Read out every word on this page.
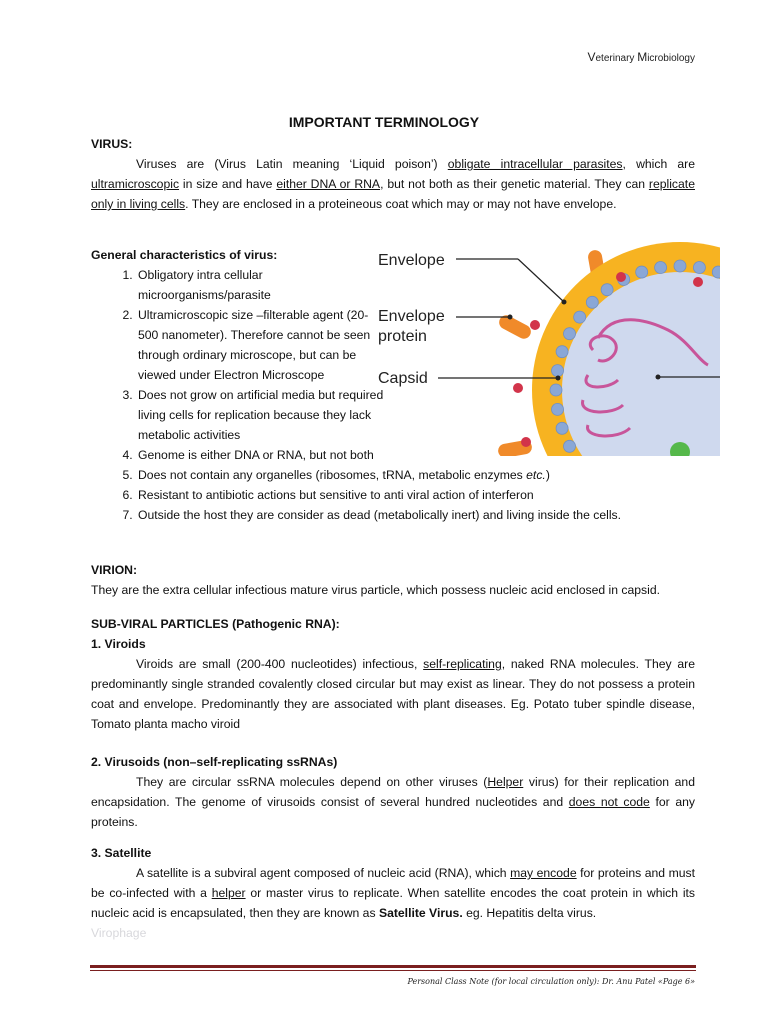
Veterinary Microbiology
IMPORTANT TERMINOLOGY
VIRUS:
Viruses are (Virus Latin meaning ‘Liquid poison’) obligate intracellular parasites, which are ultramicroscopic in size and have either DNA or RNA, but not both as their genetic material. They can replicate only in living cells. They are enclosed in a proteineous coat which may or may not have envelope.
General characteristics of virus:
1. Obligatory intra cellular microorganisms/parasite
2. Ultramicroscopic size –filterable agent (20-500 nanometer). Therefore cannot be seen through ordinary microscope, but can be viewed under Electron Microscope
3. Does not grow on artificial media but required living cells for replication because they lack metabolic activities
4. Genome is either DNA or RNA, but not both
5. Does not contain any organelles (ribosomes, tRNA, metabolic enzymes etc.)
6. Resistant to antibiotic actions but sensitive to anti viral action of interferon
7. Outside the host they are consider as dead (metabolically inert) and living inside the cells.
Envelope
Envelope
protein
Capsid
VIRION:
They are the extra cellular infectious mature virus particle, which possess nucleic acid enclosed in capsid.
SUB-VIRAL PARTICLES (Pathogenic RNA):
1. Viroids
Viroids are small (200-400 nucleotides) infectious, self-replicating, naked RNA molecules. They are predominantly single stranded covalently closed circular but may exist as linear. They do not possess a protein coat and envelope. Predominantly they are associated with plant diseases. Eg. Potato tuber spindle disease, Tomato planta macho viroid
2. Virusoids (non–self-replicating ssRNAs)
They are circular ssRNA molecules depend on other viruses (Helper virus) for their replication and encapsidation. The genome of virusoids consist of several hundred nucleotides and does not code for any proteins.
3. Satellite
A satellite is a subviral agent composed of nucleic acid (RNA), which may encode for proteins and must be co-infected with a helper or master virus to replicate. When satellite encodes the coat protein in which its nucleic acid is encapsulated, then they are known as Satellite Virus. eg. Hepatitis delta virus.
Virophage
Personal Class Note (for local circulation only): Dr. Anu Patel «Page 6»
